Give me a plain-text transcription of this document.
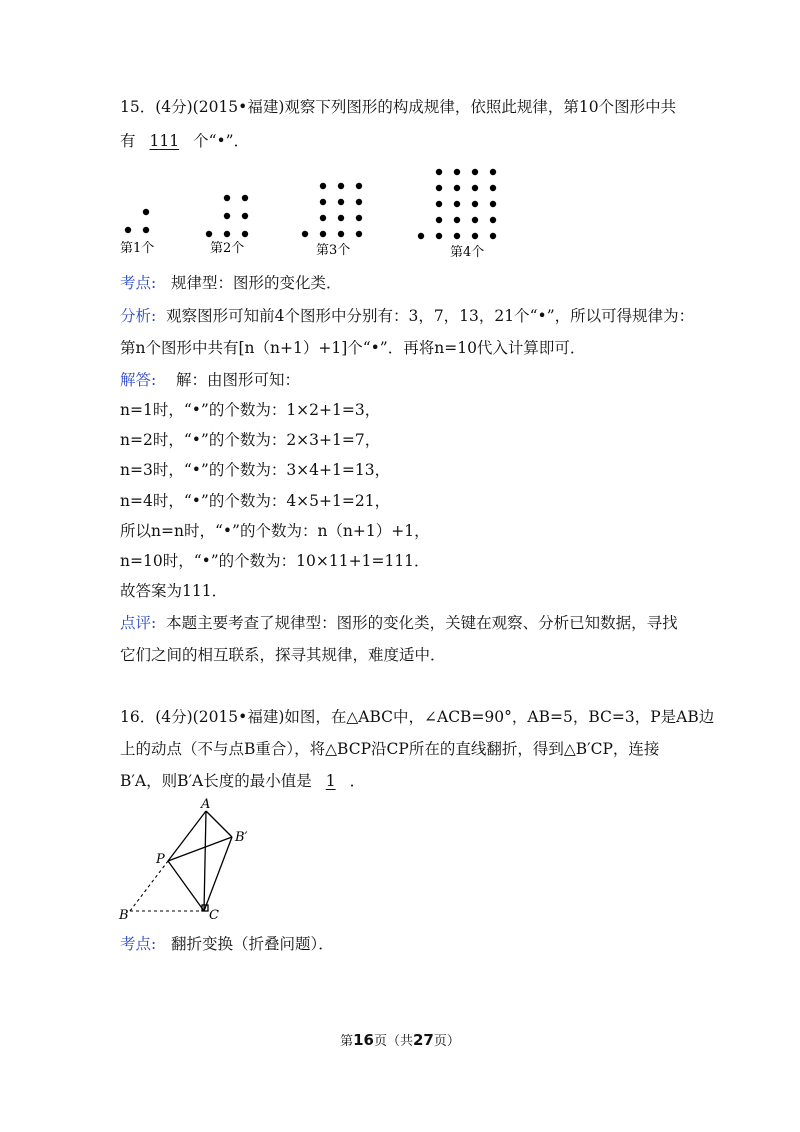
15．(4分)(2015•福建)观察下列图形的构成规律，依照此规律，第10个图形中共
有 111 个“•”．
第1个	第2个	第3个	第4个
考点: 规律型：图形的变化类．
分析: 观察图形可知前4个图形中分别有：3，7，13，21个“•”，所以可得规律为：
第n个图形中共有[n（n+1）+1]个“•”．再将n=10代入计算即可．
解答: 解：由图形可知：
n=1时，“•”的个数为：1×2+1=3，
n=2时，“•”的个数为：2×3+1=7，
n=3时，“•”的个数为：3×4+1=13，
n=4时，“•”的个数为：4×5+1=21，
所以n=n时，“•”的个数为：n（n+1）+1，
n=10时，“•”的个数为：10×11+1=111．
故答案为111．
点评: 本题主要考查了规律型：图形的变化类，关键在观察、分析已知数据，寻找
它们之间的相互联系，探寻其规律，难度适中．
16．(4分)(2015•福建)如图，在△ABC中，∠ACB=90°，AB=5，BC=3，P是AB边
上的动点（不与点B重合），将△BCP沿CP所在的直线翻折，得到△B′CP，连接
B′A，则B′A长度的最小值是 1 ．
A
B′
P
B	C
考点: 翻折变换（折叠问题）．
第16页（共27页）
